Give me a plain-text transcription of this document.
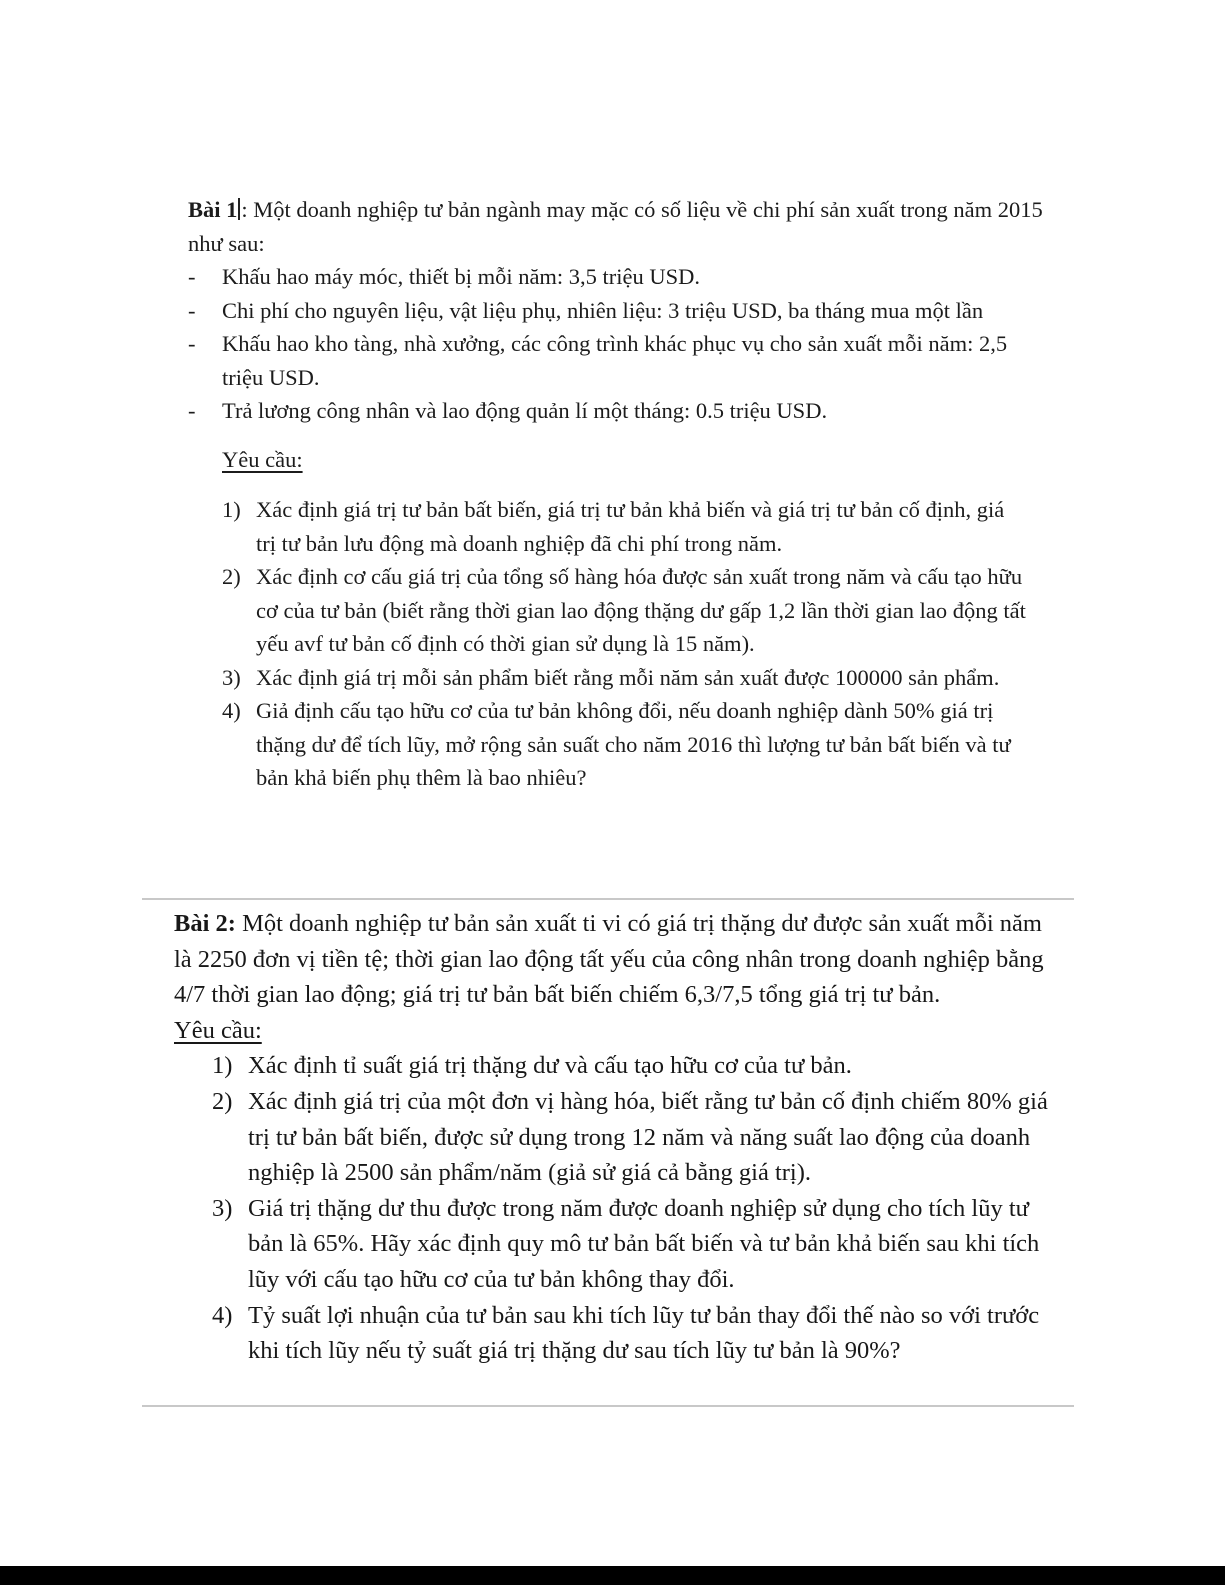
Bài 1 : Một doanh nghiệp tư bản ngành may mặc có số liệu về chi phí sản xuất trong năm 2015 như sau:

- Khấu hao máy móc, thiết bị mỗi năm: 3,5 triệu USD.
- Chi phí cho nguyên liệu, vật liệu phụ, nhiên liệu: 3 triệu USD, ba tháng mua một lần
- Khấu hao kho tàng, nhà xưởng, các công trình khác phục vụ cho sản xuất mỗi năm: 2,5 triệu USD.
- Trả lương công nhân và lao động quản lí một tháng: 0.5 triệu USD.
Yêu cầu:
1) Xác định giá trị tư bản bất biến, giá trị tư bản khả biến và giá trị tư bản cố định, giá trị tư bản lưu động mà doanh nghiệp đã chi phí trong năm.
2) Xác định cơ cấu giá trị của tổng số hàng hóa được sản xuất trong năm và cấu tạo hữu cơ của tư bản (biết rằng thời gian lao động thặng dư gấp 1,2 lần thời gian lao động tất yếu avf tư bản cố định có thời gian sử dụng là 15 năm).
3) Xác định giá trị mỗi sản phẩm biết rằng mỗi năm sản xuất được 100000 sản phẩm.
4) Giả định cấu tạo hữu cơ của tư bản không đổi, nếu doanh nghiệp dành 50% giá trị thặng dư để tích lũy, mở rộng sản suất cho năm 2016 thì lượng tư bản bất biến và tư bản khả biến phụ thêm là bao nhiêu?

Bài 2: Một doanh nghiệp tư bản sản xuất ti vi có giá trị thặng dư được sản xuất mỗi năm là 2250 đơn vị tiền tệ; thời gian lao động tất yếu của công nhân trong doanh nghiệp bằng 4/7 thời gian lao động; giá trị tư bản bất biến chiếm 6,3/7,5 tổng giá trị tư bản.

Yêu cầu:
1) Xác định tỉ suất giá trị thặng dư và cấu tạo hữu cơ của tư bản.
2) Xác định giá trị của một đơn vị hàng hóa, biết rằng tư bản cố định chiếm 80% giá trị tư bản bất biến, được sử dụng trong 12 năm và năng suất lao động của doanh nghiệp là 2500 sản phẩm/năm (giả sử giá cả bằng giá trị).
3) Giá trị thặng dư thu được trong năm được doanh nghiệp sử dụng cho tích lũy tư bản là 65%. Hãy xác định quy mô tư bản bất biến và tư bản khả biến sau khi tích lũy với cấu tạo hữu cơ của tư bản không thay đổi.
4) Tỷ suất lợi nhuận của tư bản sau khi tích lũy tư bản thay đổi thế nào so với trước khi tích lũy nếu tỷ suất giá trị thặng dư sau tích lũy tư bản là 90%?
